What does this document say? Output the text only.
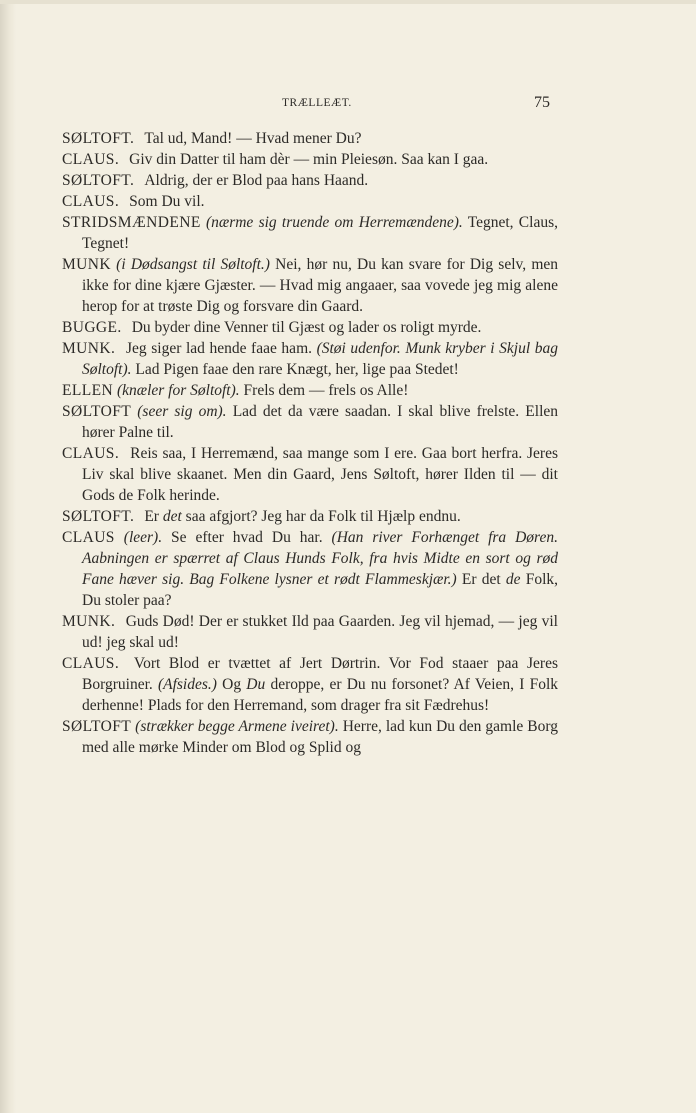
TRÆLLEÆT.	75

SØLTOFT. Tal ud, Mand! — Hvad mener Du?

CLAUS. Giv din Datter til ham dèr — min Pleiesøn. Saa kan I gaa.

SØLTOFT. Aldrig, der er Blod paa hans Haand.

CLAUS. Som Du vil.

STRIDSMÆNDENE (nærme sig truende om Herremændene). Tegnet, Claus, Tegnet!

MUNK (i Dødsangst til Søltoft.) Nei, hør nu, Du kan svare for Dig selv, men ikke for dine kjære Gjæster. — Hvad mig angaaer, saa vovede jeg mig alene herop for at trøste Dig og forsvare din Gaard.

BUGGE. Du byder dine Venner til Gjæst og lader os roligt myrde.

MUNK. Jeg siger lad hende faae ham. (Støi udenfor. Munk kryber i Skjul bag Søltoft). Lad Pigen faae den rare Knægt, her, lige paa Stedet!

ELLEN (knæler for Søltoft). Frels dem — frels os Alle!

SØLTOFT (seer sig om). Lad det da være saadan. I skal blive frelste. Ellen hører Palne til.

CLAUS. Reis saa, I Herremænd, saa mange som I ere. Gaa bort herfra. Jeres Liv skal blive skaanet. Men din Gaard, Jens Søltoft, hører Ilden til — dit Gods de Folk herinde.

SØLTOFT. Er det saa afgjort? Jeg har da Folk til Hjælp endnu.

CLAUS (leer). Se efter hvad Du har. (Han river Forhænget fra Døren. Aabningen er spærret af Claus Hunds Folk, fra hvis Midte en sort og rød Fane hæver sig. Bag Folkene lysner et rødt Flammeskjær.) Er det de Folk, Du stoler paa?

MUNK. Guds Død! Der er stukket Ild paa Gaarden. Jeg vil hjemad, — jeg vil ud! jeg skal ud!

CLAUS. Vort Blod er tvættet af Jert Dørtrin. Vor Fod staaer paa Jeres Borgruiner. (Afsides.) Og Du deroppe, er Du nu forsonet? Af Veien, I Folk derhenne! Plads for den Herremand, som drager fra sit Fædrehus!

SØLTOFT (strækker begge Armene iveiret). Herre, lad kun Du den gamle Borg med alle mørke Minder om Blod og Splid og
